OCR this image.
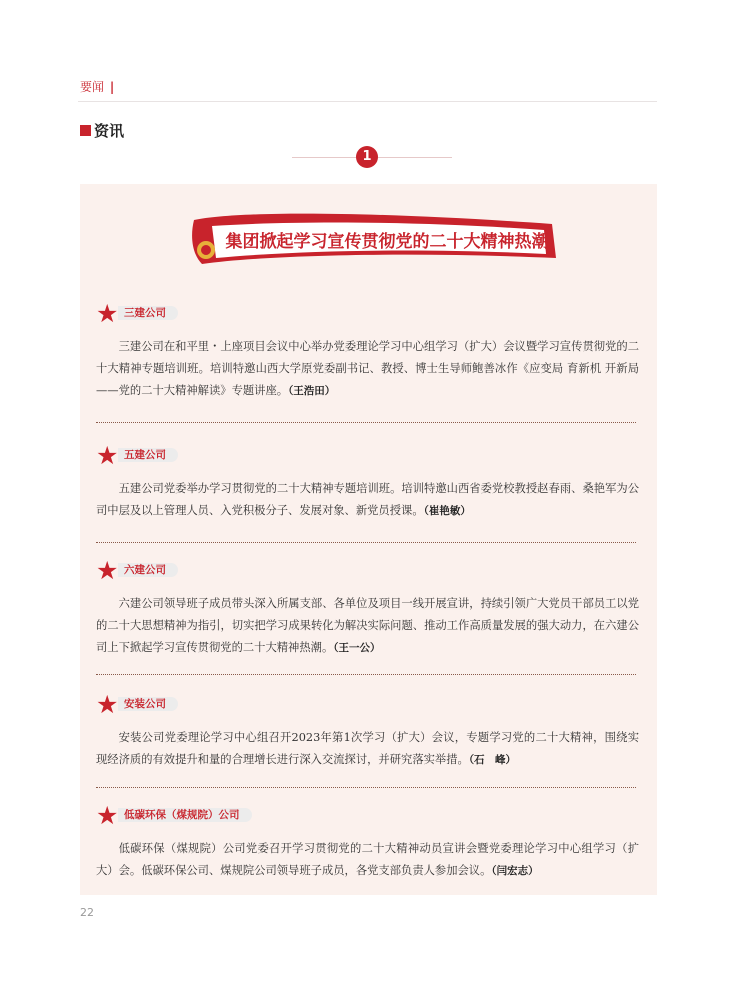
要闻 |
资讯
1
集团掀起学习宣传贯彻党的二十大精神热潮
★ 三建公司
三建公司在和平里・上座项目会议中心举办党委理论学习中心组学习（扩大）会议暨学习宣传贯彻党的二十大精神专题培训班。培训特邀山西大学原党委副书记、教授、博士生导师鲍善冰作《应变局 育新机 开新局——党的二十大精神解读》专题讲座。（王浩田）
★ 五建公司
五建公司党委举办学习贯彻党的二十大精神专题培训班。培训特邀山西省委党校教授赵春雨、桑艳军为公司中层及以上管理人员、入党积极分子、发展对象、新党员授课。（崔艳敏）
★ 六建公司
六建公司领导班子成员带头深入所属支部、各单位及项目一线开展宣讲，持续引领广大党员干部员工以党的二十大思想精神为指引，切实把学习成果转化为解决实际问题、推动工作高质量发展的强大动力，在六建公司上下掀起学习宣传贯彻党的二十大精神热潮。（王一公）
★ 安装公司
安装公司党委理论学习中心组召开2023年第1次学习（扩大）会议，专题学习党的二十大精神，围绕实现经济质的有效提升和量的合理增长进行深入交流探讨，并研究落实举措。（石　峰）
★ 低碳环保（煤规院）公司
低碳环保（煤规院）公司党委召开学习贯彻党的二十大精神动员宣讲会暨党委理论学习中心组学习（扩大）会。低碳环保公司、煤规院公司领导班子成员，各党支部负责人参加会议。（闫宏志）
22
